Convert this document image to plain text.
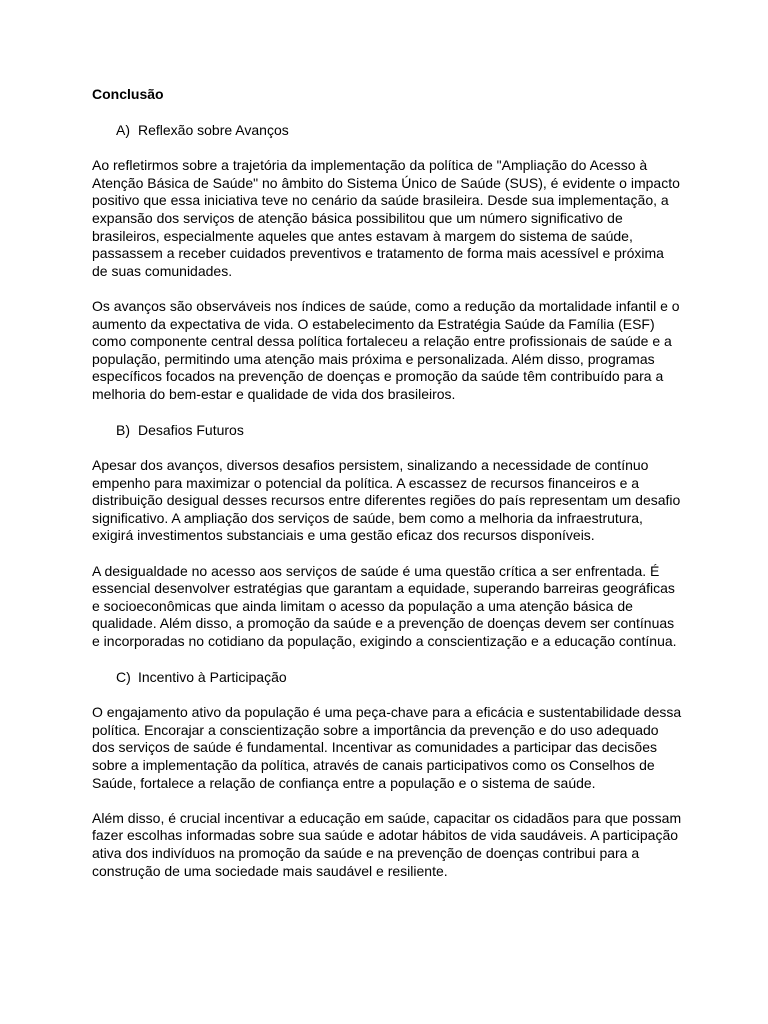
Conclusão

A) Reflexão sobre Avanços

Ao refletirmos sobre a trajetória da implementação da política de "Ampliação do Acesso à Atenção Básica de Saúde" no âmbito do Sistema Único de Saúde (SUS), é evidente o impacto positivo que essa iniciativa teve no cenário da saúde brasileira. Desde sua implementação, a expansão dos serviços de atenção básica possibilitou que um número significativo de brasileiros, especialmente aqueles que antes estavam à margem do sistema de saúde, passassem a receber cuidados preventivos e tratamento de forma mais acessível e próxima de suas comunidades.

Os avanços são observáveis nos índices de saúde, como a redução da mortalidade infantil e o aumento da expectativa de vida. O estabelecimento da Estratégia Saúde da Família (ESF) como componente central dessa política fortaleceu a relação entre profissionais de saúde e a população, permitindo uma atenção mais próxima e personalizada. Além disso, programas específicos focados na prevenção de doenças e promoção da saúde têm contribuído para a melhoria do bem-estar e qualidade de vida dos brasileiros.

B) Desafios Futuros

Apesar dos avanços, diversos desafios persistem, sinalizando a necessidade de contínuo empenho para maximizar o potencial da política. A escassez de recursos financeiros e a distribuição desigual desses recursos entre diferentes regiões do país representam um desafio significativo. A ampliação dos serviços de saúde, bem como a melhoria da infraestrutura, exigirá investimentos substanciais e uma gestão eficaz dos recursos disponíveis.

A desigualdade no acesso aos serviços de saúde é uma questão crítica a ser enfrentada. É essencial desenvolver estratégias que garantam a equidade, superando barreiras geográficas e socioeconômicas que ainda limitam o acesso da população a uma atenção básica de qualidade. Além disso, a promoção da saúde e a prevenção de doenças devem ser contínuas e incorporadas no cotidiano da população, exigindo a conscientização e a educação contínua.

C) Incentivo à Participação

O engajamento ativo da população é uma peça-chave para a eficácia e sustentabilidade dessa política. Encorajar a conscientização sobre a importância da prevenção e do uso adequado dos serviços de saúde é fundamental. Incentivar as comunidades a participar das decisões sobre a implementação da política, através de canais participativos como os Conselhos de Saúde, fortalece a relação de confiança entre a população e o sistema de saúde.

Além disso, é crucial incentivar a educação em saúde, capacitar os cidadãos para que possam fazer escolhas informadas sobre sua saúde e adotar hábitos de vida saudáveis. A participação ativa dos indivíduos na promoção da saúde e na prevenção de doenças contribui para a construção de uma sociedade mais saudável e resiliente.
